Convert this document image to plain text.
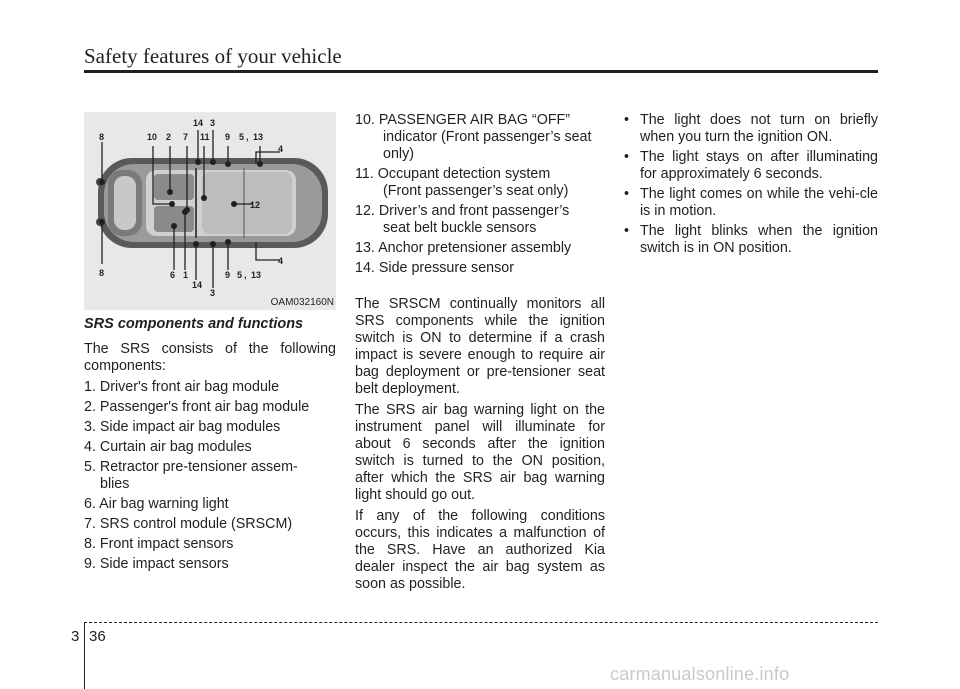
Safety features of your vehicle
8	10 2 7
14 3
11 9 5 , 13
4
8	6 1
14
3
9 5 , 13
4
12
OAM032160N

SRS components and functions

The SRS consists of the following components:

1. Driver's front air bag module

2. Passenger's front air bag module

3. Side impact air bag modules

4. Curtain air bag modules

5. Retractor pre-tensioner assem-

blies

6. Air bag warning light

7. SRS control module (SRSCM)

8. Front impact sensors

9. Side impact sensors

10. PASSENGER AIR BAG “OFF”
indicator (Front passenger’s seat only)

11. Occupant detection system
(Front passenger’s seat only)

12. Driver’s and front passenger’s
seat belt buckle sensors

13. Anchor pretensioner assembly

14. Side pressure sensor

The SRSCM continually monitors all SRS components while the ignition switch is ON to determine if a crash impact is severe enough to require air bag deployment or pre-tensioner seat belt deployment.

The SRS air bag warning light on the instrument panel will illuminate for about 6 seconds after the ignition switch is turned to the ON position, after which the SRS air bag warning light should go out.

If any of the following conditions occurs, this indicates a malfunction of the SRS. Have an authorized Kia dealer inspect the air bag system as soon as possible.

• The light does not turn on briefly when you turn the ignition ON.
• The light stays on after illuminating for approximately 6 seconds.
• The light comes on while the vehi-cle is in motion.
• The light blinks when the ignition switch is in ON position.
3 36
carmanualsonline.info
